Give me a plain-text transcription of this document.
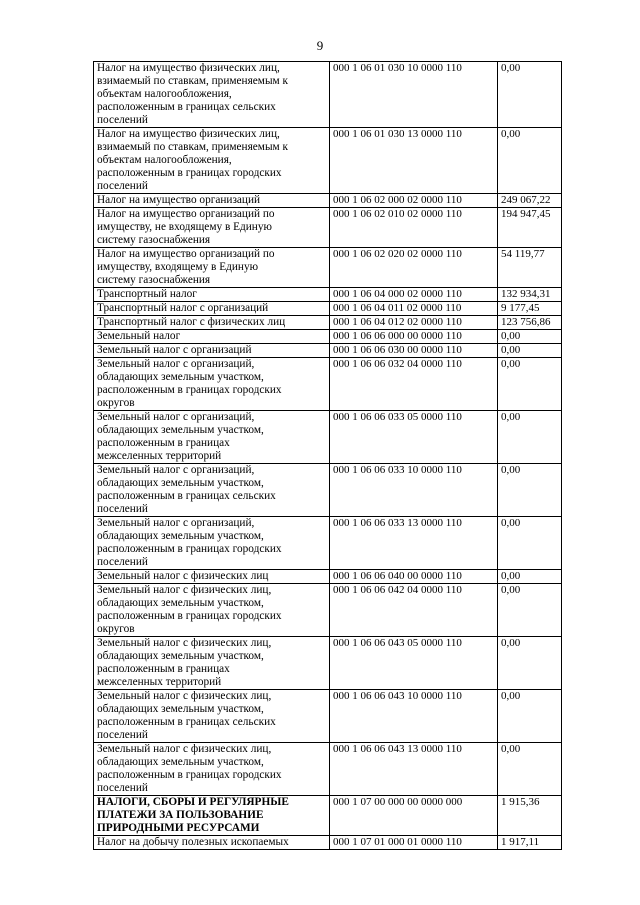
9
Налог на имущество физических лиц,
взимаемый по ставкам, применяемым к
объектам налогообложения,
расположенным в границах сельских
поселений	000 1 06 01 030 10 0000 110	0,00

Налог на имущество физических лиц,
взимаемый по ставкам, применяемым к
объектам налогообложения,
расположенным в границах городских
поселений	000 1 06 01 030 13 0000 110	0,00

Налог на имущество организаций	000 1 06 02 000 02 0000 110	249 067,22

Налог на имущество организаций по
имуществу, не входящему в Единую
систему газоснабжения	000 1 06 02 010 02 0000 110	194 947,45

Налог на имущество организаций по
имуществу, входящему в Единую
систему газоснабжения	000 1 06 02 020 02 0000 110	54 119,77

Транспортный налог	000 1 06 04 000 02 0000 110	132 934,31

Транспортный налог с организаций	000 1 06 04 011 02 0000 110	9 177,45

Транспортный налог с физических лиц	000 1 06 04 012 02 0000 110	123 756,86

Земельный налог	000 1 06 06 000 00 0000 110	0,00

Земельный налог с организаций	000 1 06 06 030 00 0000 110	0,00

Земельный налог с организаций,
обладающих земельным участком,
расположенным в границах городских
округов	000 1 06 06 032 04 0000 110	0,00

Земельный налог с организаций,
обладающих земельным участком,
расположенным в границах
межселенных территорий	000 1 06 06 033 05 0000 110	0,00

Земельный налог с организаций,
обладающих земельным участком,
расположенным в границах сельских
поселений	000 1 06 06 033 10 0000 110	0,00

Земельный налог с организаций,
обладающих земельным участком,
расположенным в границах городских
поселений	000 1 06 06 033 13 0000 110	0,00

Земельный налог с физических лиц	000 1 06 06 040 00 0000 110	0,00

Земельный налог с физических лиц,
обладающих земельным участком,
расположенным в границах городских
округов	000 1 06 06 042 04 0000 110	0,00

Земельный налог с физических лиц,
обладающих земельным участком,
расположенным в границах
межселенных территорий	000 1 06 06 043 05 0000 110	0,00

Земельный налог с физических лиц,
обладающих земельным участком,
расположенным в границах сельских
поселений	000 1 06 06 043 10 0000 110	0,00

Земельный налог с физических лиц,
обладающих земельным участком,
расположенным в границах городских
поселений	000 1 06 06 043 13 0000 110	0,00

НАЛОГИ, СБОРЫ И РЕГУЛЯРНЫЕ
ПЛАТЕЖИ ЗА ПОЛЬЗОВАНИЕ
ПРИРОДНЫМИ РЕСУРСАМИ	000 1 07 00 000 00 0000 000	1 915,36

Налог на добычу полезных ископаемых	000 1 07 01 000 01 0000 110	1 917,11
